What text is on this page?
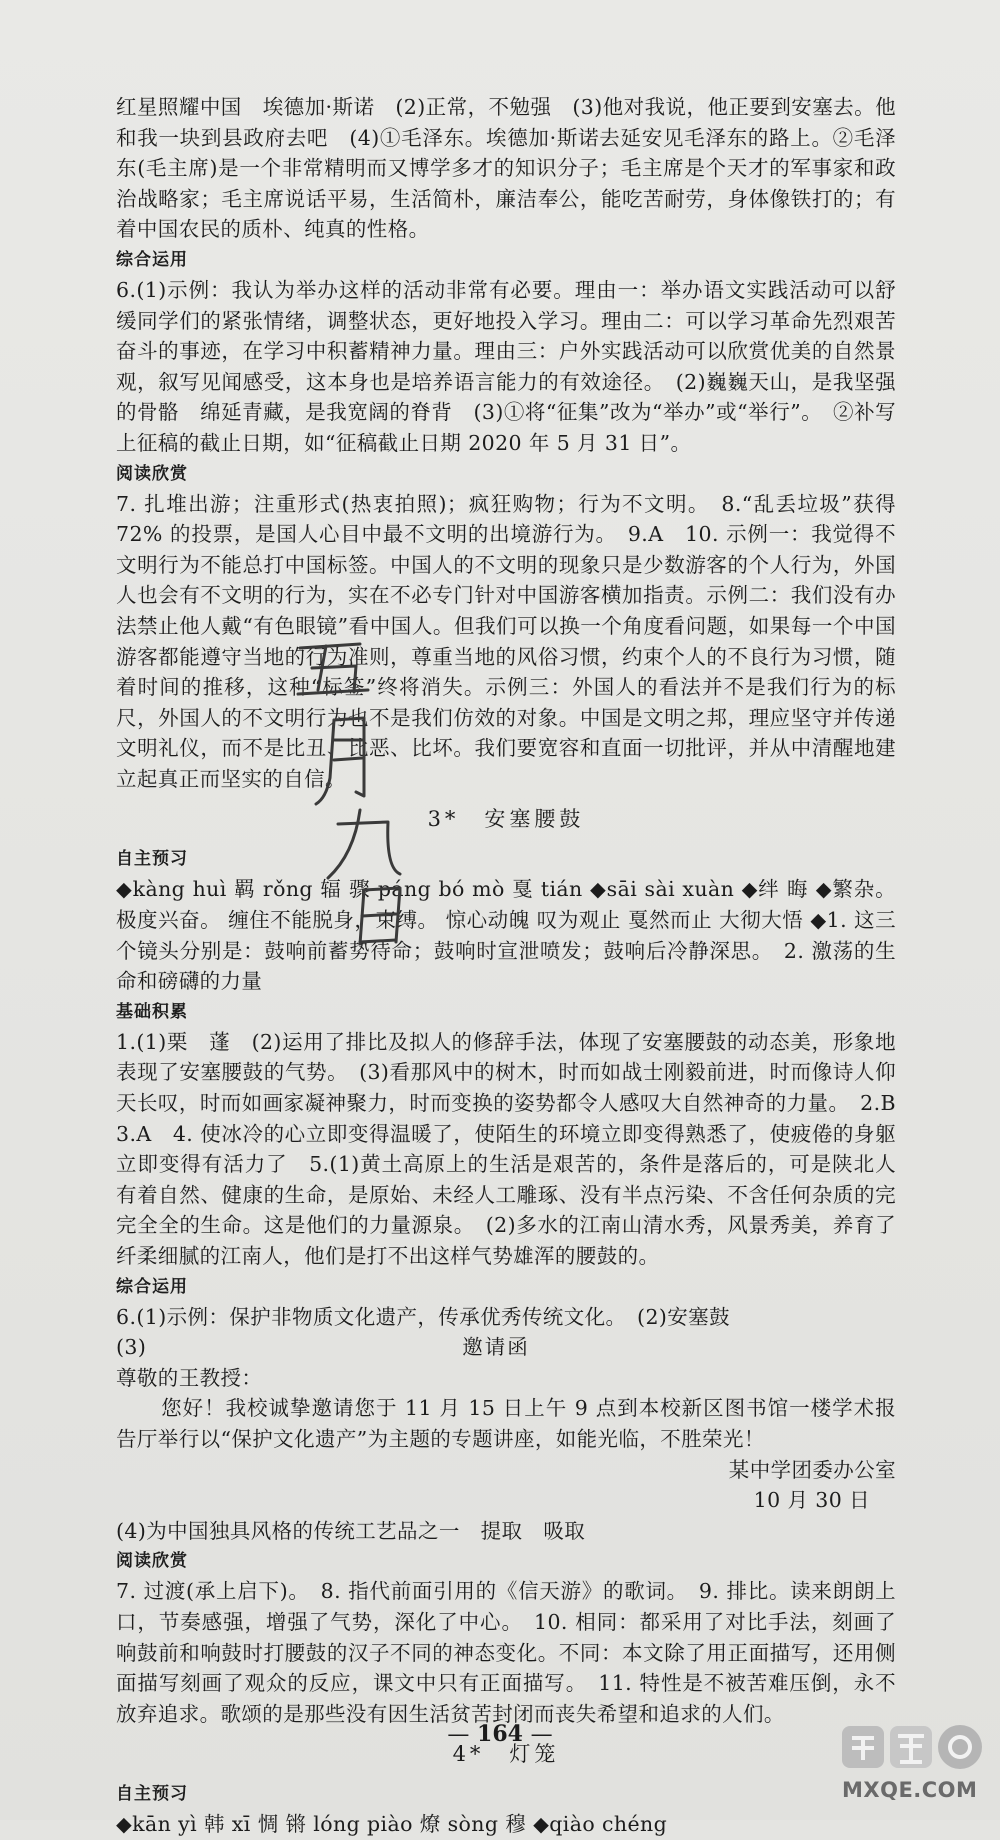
红星照耀中国　埃德加·斯诺　(2)正常，不勉强　(3)他对我说，他正要到安塞去。他和我一块到县政府去吧　(4)①毛泽东。埃德加·斯诺去延安见毛泽东的路上。②毛泽东(毛主席)是一个非常精明而又博学多才的知识分子；毛主席是个天才的军事家和政治战略家；毛主席说话平易，生活简朴，廉洁奉公，能吃苦耐劳，身体像铁打的；有着中国农民的质朴、纯真的性格。

综合运用

6.(1)示例：我认为举办这样的活动非常有必要。理由一：举办语文实践活动可以舒缓同学们的紧张情绪，调整状态，更好地投入学习。理由二：可以学习革命先烈艰苦奋斗的事迹，在学习中积蓄精神力量。理由三：户外实践活动可以欣赏优美的自然景观，叙写见闻感受，这本身也是培养语言能力的有效途径。　(2)巍巍天山，是我坚强的骨骼　绵延青藏，是我宽阔的脊背　(3)①将“征集”改为“举办”或“举行”。　②补写上征稿的截止日期，如“征稿截止日期 2020 年 5 月 31 日”。

阅读欣赏

7. 扎堆出游；注重形式(热衷拍照)；疯狂购物；行为不文明。　8.“乱丢垃圾”获得 72% 的投票，是国人心目中最不文明的出境游行为。　9.A　10. 示例一：我觉得不文明行为不能总打中国标签。中国人的不文明的现象只是少数游客的个人行为，外国人也会有不文明的行为，实在不必专门针对中国游客横加指责。示例二：我们没有办法禁止他人戴“有色眼镜”看中国人。但我们可以换一个角度看问题，如果每一个中国游客都能遵守当地的行为准则，尊重当地的风俗习惯，约束个人的不良行为习惯，随着时间的推移，这种“标签”终将消失。示例三：外国人的看法并不是我们行为的标尺，外国人的不文明行为也不是我们仿效的对象。中国是文明之邦，理应坚守并传递文明礼仪，而不是比丑、比恶、比坏。我们要宽容和直面一切批评，并从中清醒地建立起真正而坚实的自信。

3*　安塞腰鼓

自主预习

◆kàng huì 羁 rǒng 辐 骤 páng bó mò 戛 tián ◆sāi sài xuàn ◆绊 晦 ◆繁杂。极度兴奋。 缠住不能脱身，束缚。 惊心动魄 叹为观止 戛然而止 大彻大悟 ◆1. 这三个镜头分别是：鼓响前蓄势待命；鼓响时宣泄喷发；鼓响后冷静深思。　2. 激荡的生命和磅礴的力量

基础积累

1.(1)栗　蓬　(2)运用了排比及拟人的修辞手法，体现了安塞腰鼓的动态美，形象地表现了安塞腰鼓的气势。　(3)看那风中的树木，时而如战士刚毅前进，时而像诗人仰天长叹，时而如画家凝神聚力，时而变换的姿势都令人感叹大自然神奇的力量。　2.B　3.A　4. 使冰冷的心立即变得温暖了，使陌生的环境立即变得熟悉了，使疲倦的身躯立即变得有活力了　5.(1)黄土高原上的生活是艰苦的，条件是落后的，可是陕北人有着自然、健康的生命，是原始、未经人工雕琢、没有半点污染、不含任何杂质的完完全全的生命。这是他们的力量源泉。　(2)多水的江南山清水秀，风景秀美，养育了纤柔细腻的江南人，他们是打不出这样气势雄浑的腰鼓的。

综合运用

6.(1)示例：保护非物质文化遗产，传承优秀传统文化。　(2)安塞鼓

(3)	邀请函

尊敬的王教授：

您好！我校诚挚邀请您于 11 月 15 日上午 9 点到本校新区图书馆一楼学术报告厅举行以“保护文化遗产”为主题的专题讲座，如能光临，不胜荣光！

某中学团委办公室

10 月 30 日

(4)为中国独具风格的传统工艺品之一　提取　吸取

阅读欣赏

7. 过渡(承上启下)。　8. 指代前面引用的《信天游》的歌词。　9. 排比。读来朗朗上口，节奏感强，增强了气势，深化了中心。　10. 相同：都采用了对比手法，刻画了响鼓前和响鼓时打腰鼓的汉子不同的神态变化。不同：本文除了用正面描写，还用侧面描写刻画了观众的反应，课文中只有正面描写。　11. 特性是不被苦难压倒，永不放弃追求。歌颂的是那些没有因生活贫苦封闭而丧失希望和追求的人们。

4*　灯笼

自主预习

◆kān yì 韩 xī 惆 锵 lóng piào 燎 sòng 穆 ◆qiào chéng

— 164 —
MXQE.COM
